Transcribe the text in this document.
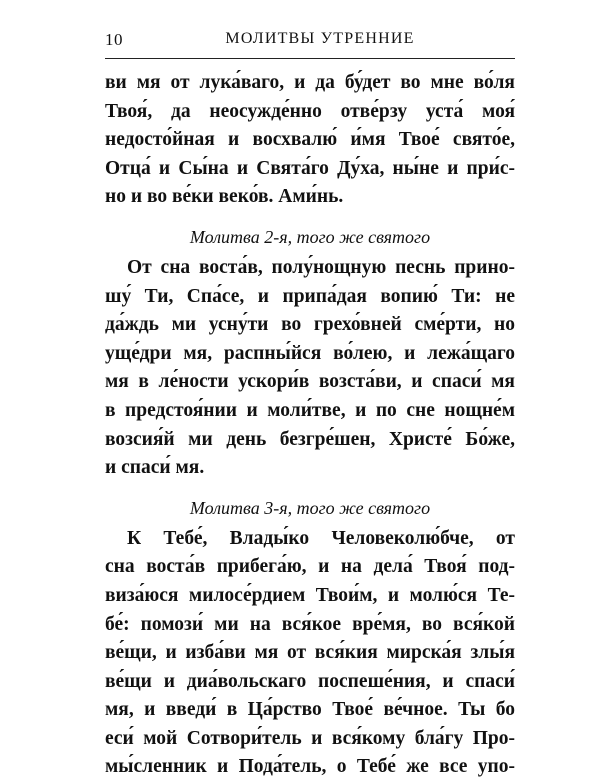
10	МОЛИТВЫ УТРЕННИЕ
ви мя от лука́ваго, и да бу́дет во мне во́ля
Твоя́, да неосужде́нно отве́рзу уста́ моя́
недосто́йная и восхвалю́ и́мя Твое́ свято́е,
Отца́ и Сы́на и Свята́го Ду́ха, ны́не и при́с-
но и во ве́ки веко́в. Ами́нь.
Молитва 2-я, того же святого
От сна воста́в, полу́нощную песнь прино-
шу́ Ти, Спа́се, и припа́дая вопию́ Ти: не
да́ждь ми усну́ти во грехо́вней сме́рти, но
уще́дри мя, распны́йся во́лею, и лежа́щаго
мя в ле́ности ускори́в возста́ви, и спаси́ мя
в предстоя́нии и моли́тве, и по сне нощне́м
возсия́й ми день безгре́шен, Христе́ Бо́же,
и спаси́ мя.
Молитва 3-я, того же святого
К Тебе́, Влады́ко Человеколю́бче, от
сна воста́в прибега́ю, и на дела́ Твоя́ под-
виза́юся милосе́рдием Твои́м, и молю́ся Те-
бе́: помози́ ми на вся́кое вре́мя, во вся́кой
ве́щи, и изба́ви мя от вся́кия мирска́я злы́я
ве́щи и диа́вольскаго поспеше́ния, и спаси́
мя, и введи́ в Ца́рство Твое́ ве́чное. Ты бо
еси́ мой Сотвори́тель и вся́кому бла́гу Про-
мы́сленник и Пода́тель, о Тебе́ же все упо-
